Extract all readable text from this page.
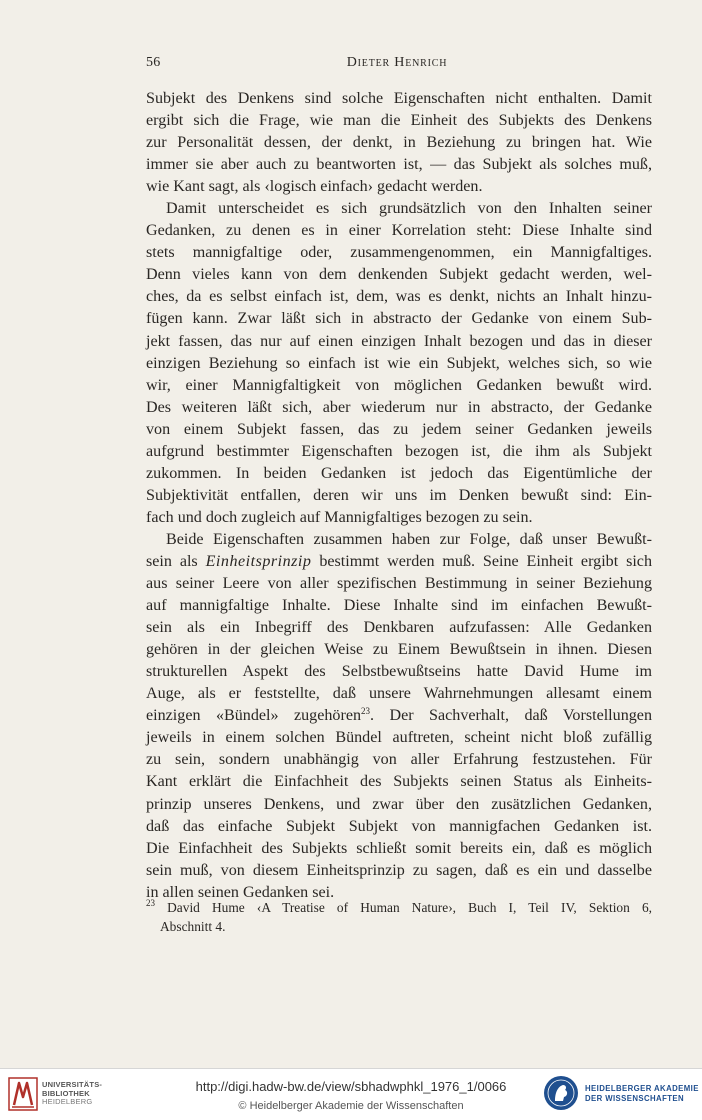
56	Dieter Henrich
Subjekt des Denkens sind solche Eigenschaften nicht enthalten. Damit
ergibt sich die Frage, wie man die Einheit des Subjekts des Denkens
zur Personalität dessen, der denkt, in Beziehung zu bringen hat. Wie
immer sie aber auch zu beantworten ist, — das Subjekt als solches muß,
wie Kant sagt, als ‹logisch einfach› gedacht werden.
Damit unterscheidet es sich grundsätzlich von den Inhalten seiner
Gedanken, zu denen es in einer Korrelation steht: Diese Inhalte sind
stets mannigfaltige oder, zusammengenommen, ein Mannigfaltiges.
Denn vieles kann von dem denkenden Subjekt gedacht werden, wel-
ches, da es selbst einfach ist, dem, was es denkt, nichts an Inhalt hinzu-
fügen kann. Zwar läßt sich in abstracto der Gedanke von einem Sub-
jekt fassen, das nur auf einen einzigen Inhalt bezogen und das in dieser
einzigen Beziehung so einfach ist wie ein Subjekt, welches sich, so wie
wir, einer Mannigfaltigkeit von möglichen Gedanken bewußt wird.
Des weiteren läßt sich, aber wiederum nur in abstracto, der Gedanke
von einem Subjekt fassen, das zu jedem seiner Gedanken jeweils
aufgrund bestimmter Eigenschaften bezogen ist, die ihm als Subjekt
zukommen. In beiden Gedanken ist jedoch das Eigentümliche der
Subjektivität entfallen, deren wir uns im Denken bewußt sind: Ein-
fach und doch zugleich auf Mannigfaltiges bezogen zu sein.
Beide Eigenschaften zusammen haben zur Folge, daß unser Bewußt-
sein als Einheitsprinzip bestimmt werden muß. Seine Einheit ergibt sich
aus seiner Leere von aller spezifischen Bestimmung in seiner Beziehung
auf mannigfaltige Inhalte. Diese Inhalte sind im einfachen Bewußt-
sein als ein Inbegriff des Denkbaren aufzufassen: Alle Gedanken
gehören in der gleichen Weise zu Einem Bewußtsein in ihnen. Diesen
strukturellen Aspekt des Selbstbewußtseins hatte David Hume im
Auge, als er feststellte, daß unsere Wahrnehmungen allesamt einem
einzigen «Bündel» zugehören$^{23}$. Der Sachverhalt, daß Vorstellungen
jeweils in einem solchen Bündel auftreten, scheint nicht bloß zufällig
zu sein, sondern unabhängig von aller Erfahrung festzustehen. Für
Kant erklärt die Einfachheit des Subjekts seinen Status als Einheits-
prinzip unseres Denkens, und zwar über den zusätzlichen Gedanken,
daß das einfache Subjekt Subjekt von mannigfachen Gedanken ist.
Die Einfachheit des Subjekts schließt somit bereits ein, daß es möglich
sein muß, von diesem Einheitsprinzip zu sagen, daß es ein und dasselbe
in allen seinen Gedanken sei.
$^{23}$ David Hume ‹A Treatise of Human Nature›, Buch I, Teil IV, Sektion 6,
Abschnitt 4.
UNIVERSITÄTS-
BIBLIOTHEK
HEIDELBERG
http://digi.hadw-bw.de/view/sbhadwphkl_1976_1/0066
© Heidelberger Akademie der Wissenschaften
HEIDELBERGER AKADEMIE
DER WISSENSCHAFTEN
